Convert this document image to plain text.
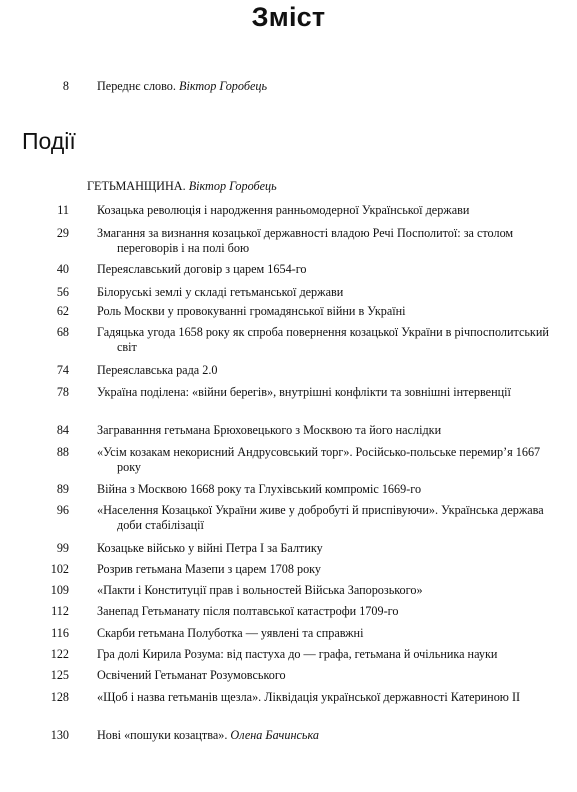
Зміст
8 Переднє слово. Віктор Горобець
Події
ГЕТЬМАНЩИНА. Віктор Горобець
11 Козацька революція і народження ранньомодерної Української держави
29 Змагання за визнання козацької державності владою Речі Посполитої: за столом переговорів і на полі бою
40 Переяславський договір з царем 1654-го
56 Білоруські землі у складі гетьманської держави
62 Роль Москви у провокуванні громадянської війни в Україні
68 Гадяцька угода 1658 року як спроба повернення козацької України в річпосполитський світ
74 Переяславська рада 2.0
78 Україна поділена: «війни берегів», внутрішні конфлікти та зовнішні інтервенції
84 Заграванння гетьмана Брюховецького з Москвою та його наслідки
88 «Усім козакам некорисний Андрусовський торг». Російсько-польське перемир’я 1667 року
89 Війна з Москвою 1668 року та Глухівський компроміс 1669-го
96 «Населення Козацької України живе у добробуті й приспівуючи». Українська держава доби стабілізації
99 Козацьке військо у війні Петра I за Балтику
102 Розрив гетьмана Мазепи з царем 1708 року
109 «Пакти і Конституції прав і вольностей Війська Запорозького»
112 Занепад Гетьманату після полтавської катастрофи 1709-го
116 Скарби гетьмана Полуботка — уявлені та справжні
122 Гра долі Кирила Розума: від пастуха до — графа, гетьмана й очільника науки
125 Освічений Гетьманат Розумовського
128 «Щоб і назва гетьманів щезла». Ліквідація української державності Катериною II
130 Нові «пошуки козацтва». Олена Бачинська
